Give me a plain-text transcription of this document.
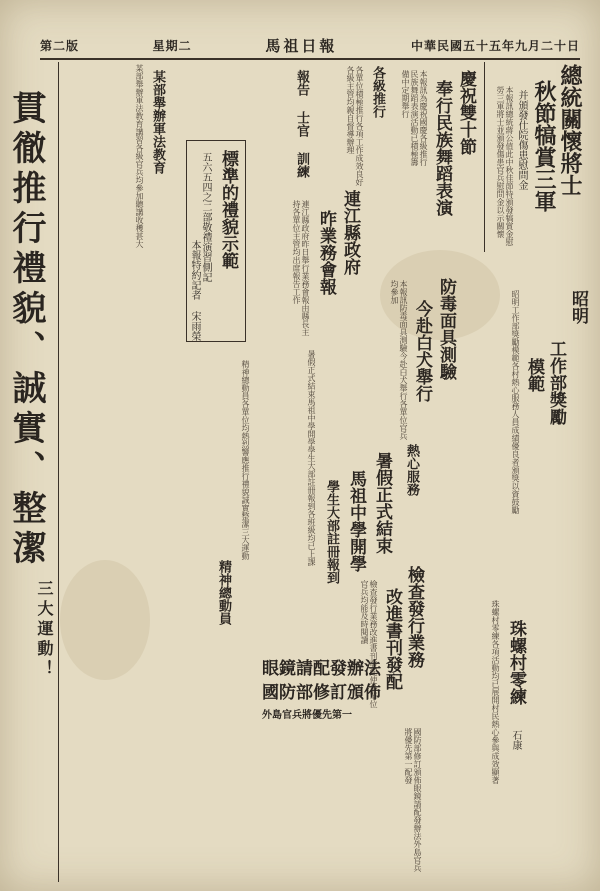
第二版	星期二	馬祖日報	中華民國五十五年九月二十日
總統關懷將士
秋節犒賞三軍
并頒發仕院傷患慰問金
本報訊總統蔣公值此中秋佳節特頒發犒賞金慰勞三軍將士並頒發傷患官兵慰問金以示關懷
慶祝雙十節
奉行民族舞蹈表演
本報訊為慶祝國慶各級推行民族舞蹈表演活動已積極籌備中定期舉行
各級推行
各單位積極推行各項工作成效良好各級主管均親自督導辦理
標準的禮貌示範
五六五四之二部敬禮演習側記
本報特約記者 宋雨榮
連江縣政府
昨業務會報
連江縣政府昨日舉行業務會報由縣長主持各單位主管均出席報告工作
防毒面具測驗
今赴白犬舉行
本報訊防毒面具測驗今赴白犬舉行各單位官兵均參加	昭明
工作部獎勵
模範
昭明工作部獎勵模範各村熱心服務人員成績優良者頒獎以資鼓勵
暑假正式結束
馬祖中學開學
學生大部註冊報到
暑假正式結束馬祖中學開學學生大部註冊報到各班級均已上課	熱心服務
檢查發行業務
改進書刊發配
檢查發行業務改進書刊發配使各單位官兵均能及時閱讀
珠螺村零練
石康
珠螺村零練各項活動均已展開村民熱心參與成效顯著
眼鏡請配發辦法
國防部修訂頒佈
外島官兵將優先第一
國防部修訂頒佈眼鏡請配發辦法外島官兵將優先第一配發
某部舉辦軍法教育	報告 士官 訓練
某部舉辦軍法教育講習各級官兵均參加聽講收穫甚大
精神總動員
精神總動員各單位均熱烈響應推行禮貌誠實整潔三大運動
貫徹推行禮貌、誠實、整潔
三大運動！
